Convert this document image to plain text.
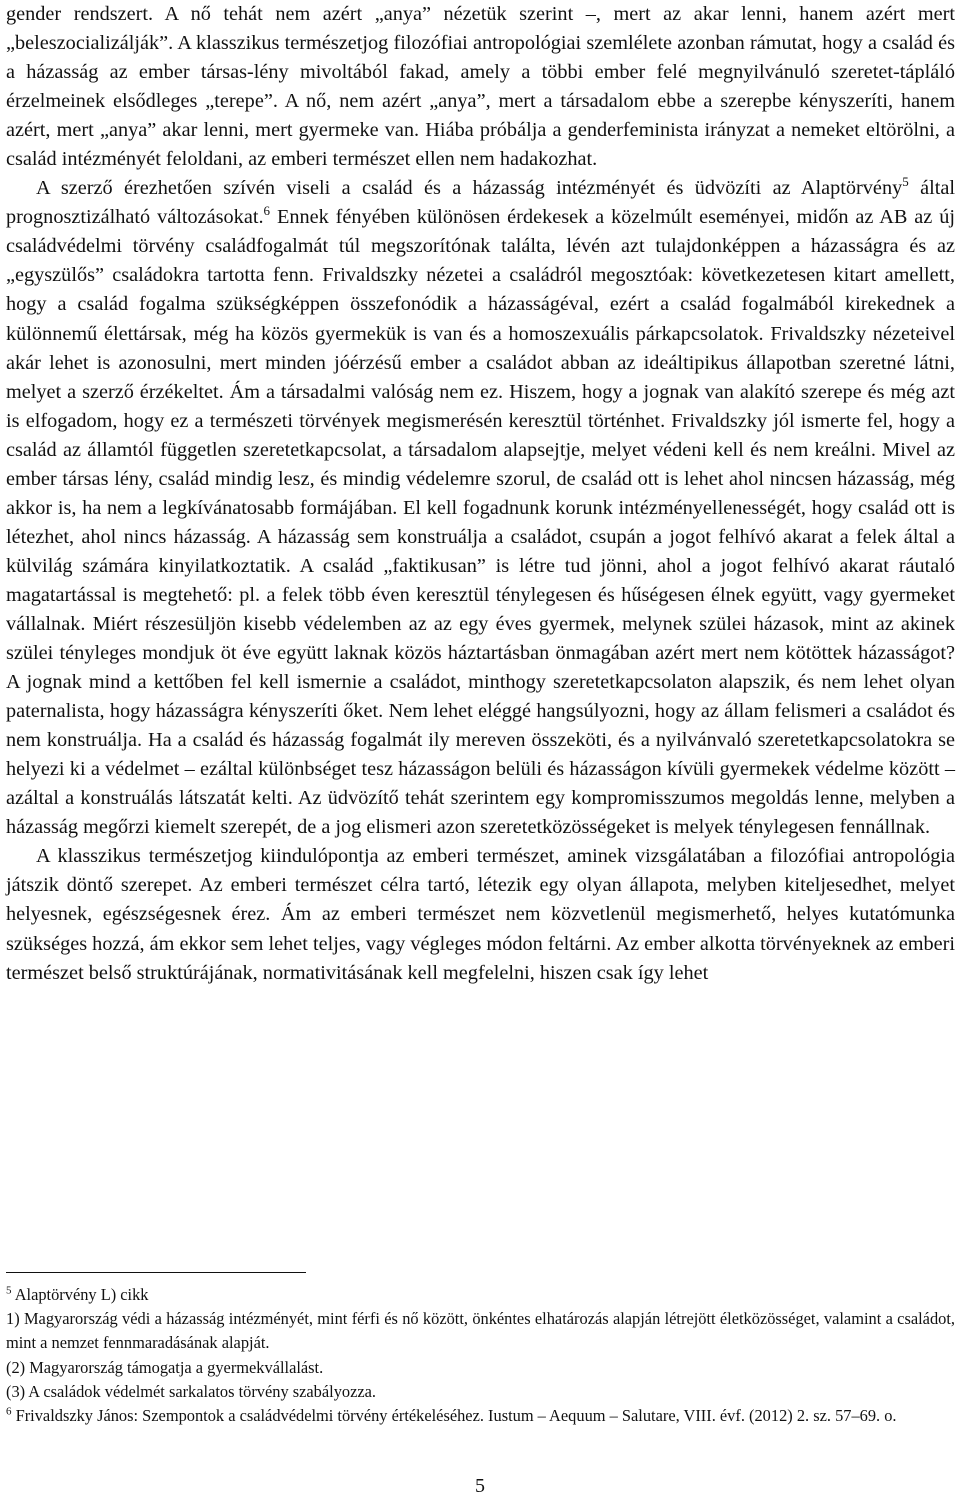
gender rendszert. A nő tehát nem azért „anya” nézetük szerint –, mert az akar lenni, hanem azért mert „beleszocializálják”. A klasszikus természetjog filozófiai antropológiai szemlélete azonban rámutat, hogy a család és a házasság az ember társas-lény mivoltából fakad, amely a többi ember felé megnyilvánuló szeretet-tápláló érzelmeinek elsődleges „terepe”. A nő, nem azért „anya”, mert a társadalom ebbe a szerepbe kényszeríti, hanem azért, mert „anya” akar lenni, mert gyermeke van. Hiába próbálja a genderfeminista irányzat a nemeket eltörölni, a család intézményét feloldani, az emberi természet ellen nem hadakozhat.

A szerző érezhetően szívén viseli a család és a házasság intézményét és üdvözíti az Alaptörvény$^5$ által prognosztizálható változásokat.$^6$ Ennek fényében különösen érdekesek a közelmúlt eseményei, midőn az AB az új családvédelmi törvény családfogalmát túl megszorítónak találta, lévén azt tulajdonképpen a házasságra és az „egyszülős” családokra tartotta fenn. Frivaldszky nézetei a családról megosztóak: következetesen kitart amellett, hogy a család fogalma szükségképpen összefonódik a házasságéval, ezért a család fogalmából kirekednek a különnemű élettársak, még ha közös gyermekük is van és a homoszexuális párkapcsolatok. Frivaldszky nézeteivel akár lehet is azonosulni, mert minden jóérzésű ember a családot abban az ideáltipikus állapotban szeretné látni, melyet a szerző érzékeltet. Ám a társadalmi valóság nem ez. Hiszem, hogy a jognak van alakító szerepe és még azt is elfogadom, hogy ez a természeti törvények megismerésén keresztül történhet. Frivaldszky jól ismerte fel, hogy a család az államtól független szeretetkapcsolat, a társadalom alapsejtje, melyet védeni kell és nem kreálni. Mivel az ember társas lény, család mindig lesz, és mindig védelemre szorul, de család ott is lehet ahol nincsen házasság, még akkor is, ha nem a legkívánatosabb formájában. El kell fogadnunk korunk intézményellenességét, hogy család ott is létezhet, ahol nincs házasság. A házasság sem konstruálja a családot, csupán a jogot felhívó akarat a felek által a külvilág számára kinyilatkoztatik. A család „faktikusan” is létre tud jönni, ahol a jogot felhívó akarat ráutaló magatartással is megtehető: pl. a felek több éven keresztül ténylegesen és hűségesen élnek együtt, vagy gyermeket vállalnak. Miért részesüljön kisebb védelemben az az egy éves gyermek, melynek szülei házasok, mint az akinek szülei tényleges mondjuk öt éve együtt laknak közös háztartásban önmagában azért mert nem kötöttek házasságot? A jognak mind a kettőben fel kell ismernie a családot, minthogy szeretetkapcsolaton alapszik, és nem lehet olyan paternalista, hogy házasságra kényszeríti őket. Nem lehet eléggé hangsúlyozni, hogy az állam felismeri a családot és nem konstruálja. Ha a család és házasság fogalmát ily mereven összeköti, és a nyilvánvaló szeretetkapcsolatokra se helyezi ki a védelmet – ezáltal különbséget tesz házasságon belüli és házasságon kívüli gyermekek védelme között – azáltal a konstruálás látszatát kelti. Az üdvözítő tehát szerintem egy kompromisszumos megoldás lenne, melyben a házasság megőrzi kiemelt szerepét, de a jog elismeri azon szeretetközösségeket is melyek ténylegesen fennállnak.

A klasszikus természetjog kiindulópontja az emberi természet, aminek vizsgálatában a filozófiai antropológia játszik döntő szerepet. Az emberi természet célra tartó, létezik egy olyan állapota, melyben kiteljesedhet, melyet helyesnek, egészségesnek érez. Ám az emberi természet nem közvetlenül megismerhető, helyes kutatómunka szükséges hozzá, ám ekkor sem lehet teljes, vagy végleges módon feltárni. Az ember alkotta törvényeknek az emberi természet belső struktúrájának, normativitásának kell megfelelni, hiszen csak így lehet

$^5$ Alaptörvény L) cikk

1) Magyarország védi a házasság intézményét, mint férfi és nő között, önkéntes elhatározás alapján létrejött életközösséget, valamint a családot, mint a nemzet fennmaradásának alapját.

(2) Magyarország támogatja a gyermekvállalást.

(3) A családok védelmét sarkalatos törvény szabályozza.

$^6$ Frivaldszky János: Szempontok a családvédelmi törvény értékeléséhez. Iustum – Aequum – Salutare, VIII. évf. (2012) 2. sz. 57–69. o.

5
